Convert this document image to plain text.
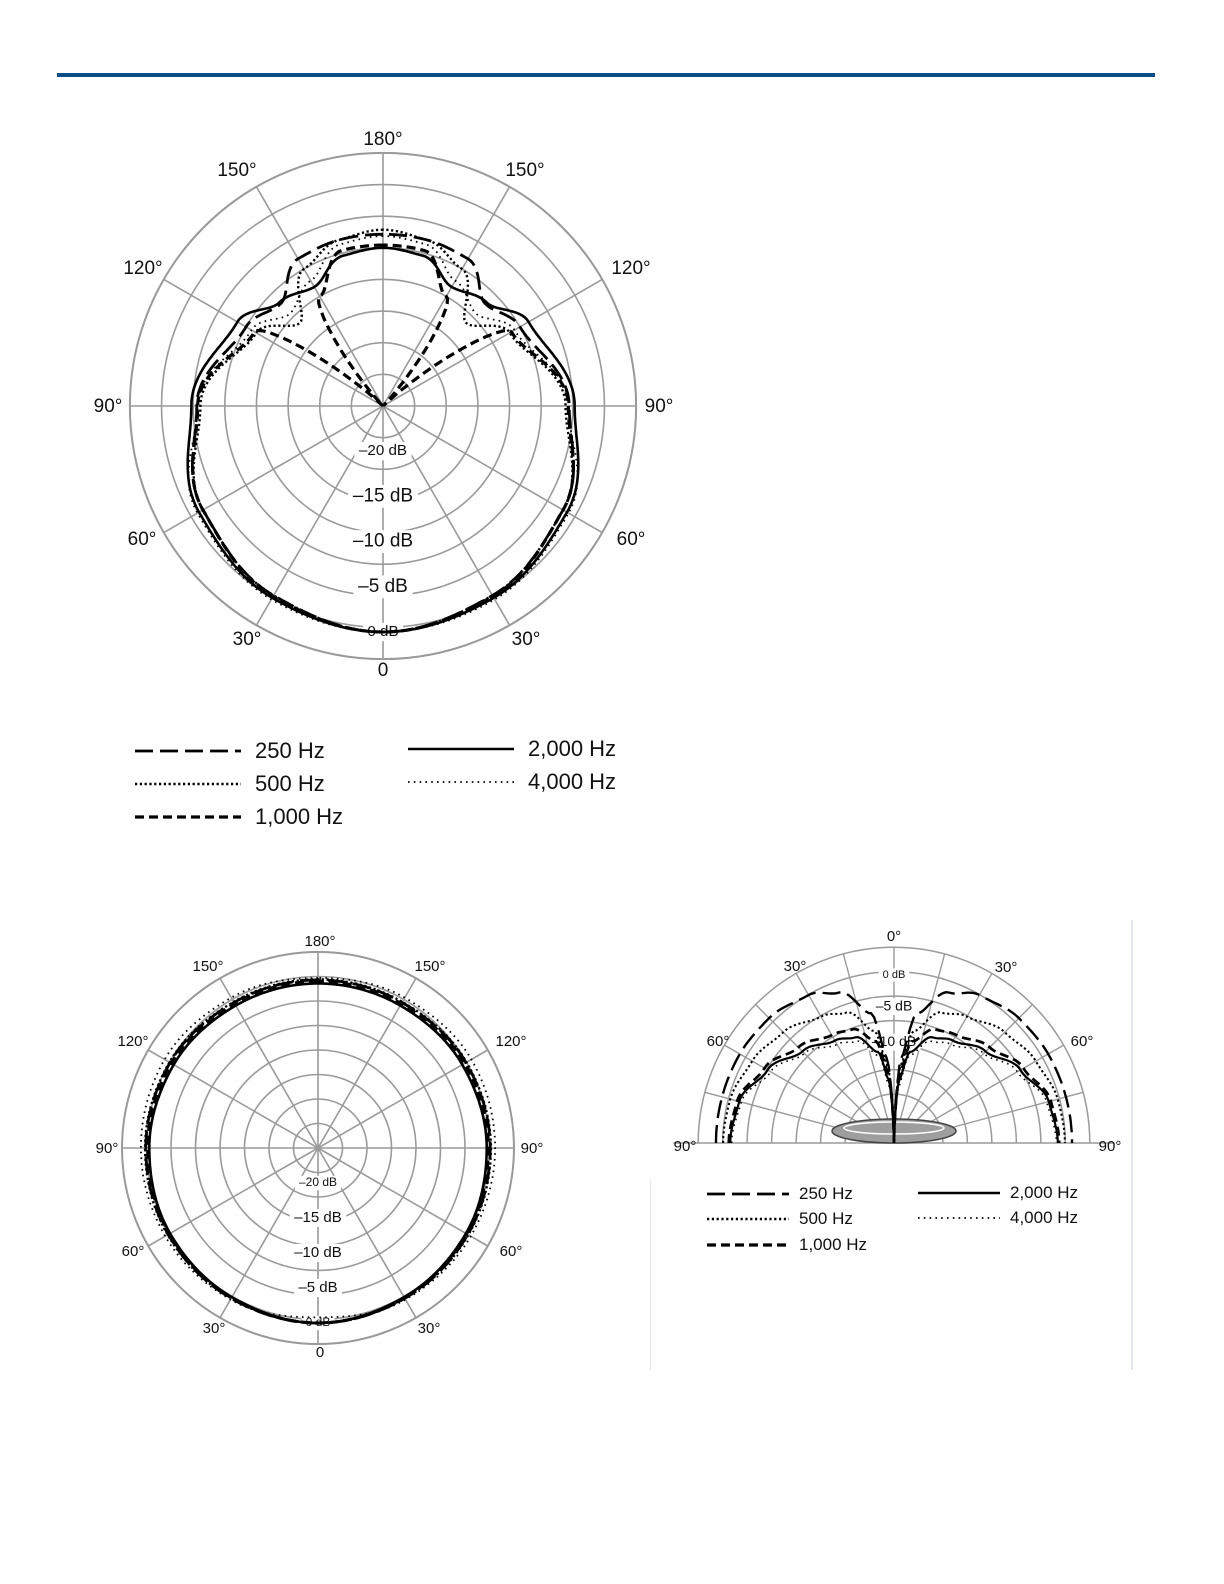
180°
150°	150°
120°	120°
90°	90°
60°	60°
30°	30°
0
–20 dB
–15 dB
–10 dB
–5 dB
0 dB
250 Hz
500 Hz
1,000 Hz
2,000 Hz
4,000 Hz
180°
150°	150°
120°	120°
90°	90°
60°	60°
30°	30°
0
–20 dB
–15 dB
–10 dB
–5 dB
0 dB
0°
30°	30°
60°	60°
90°	90°
0 dB
–5 dB
–10 dB
250 Hz
500 Hz
1,000 Hz
2,000 Hz
4,000 Hz
